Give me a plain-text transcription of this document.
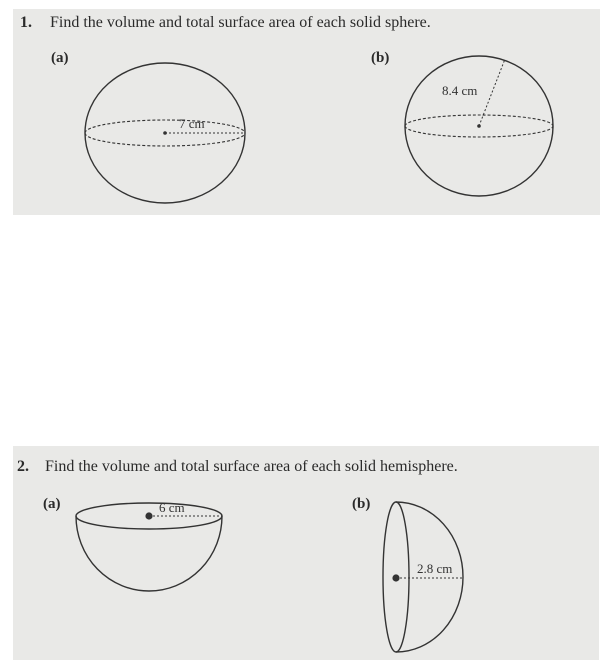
1. Find the volume and total surface area of each solid sphere.
(a)	(b)
7 cm
8.4 cm
2. Find the volume and total surface area of each solid hemisphere.
(a)	(b)
6 cm
2.8 cm
